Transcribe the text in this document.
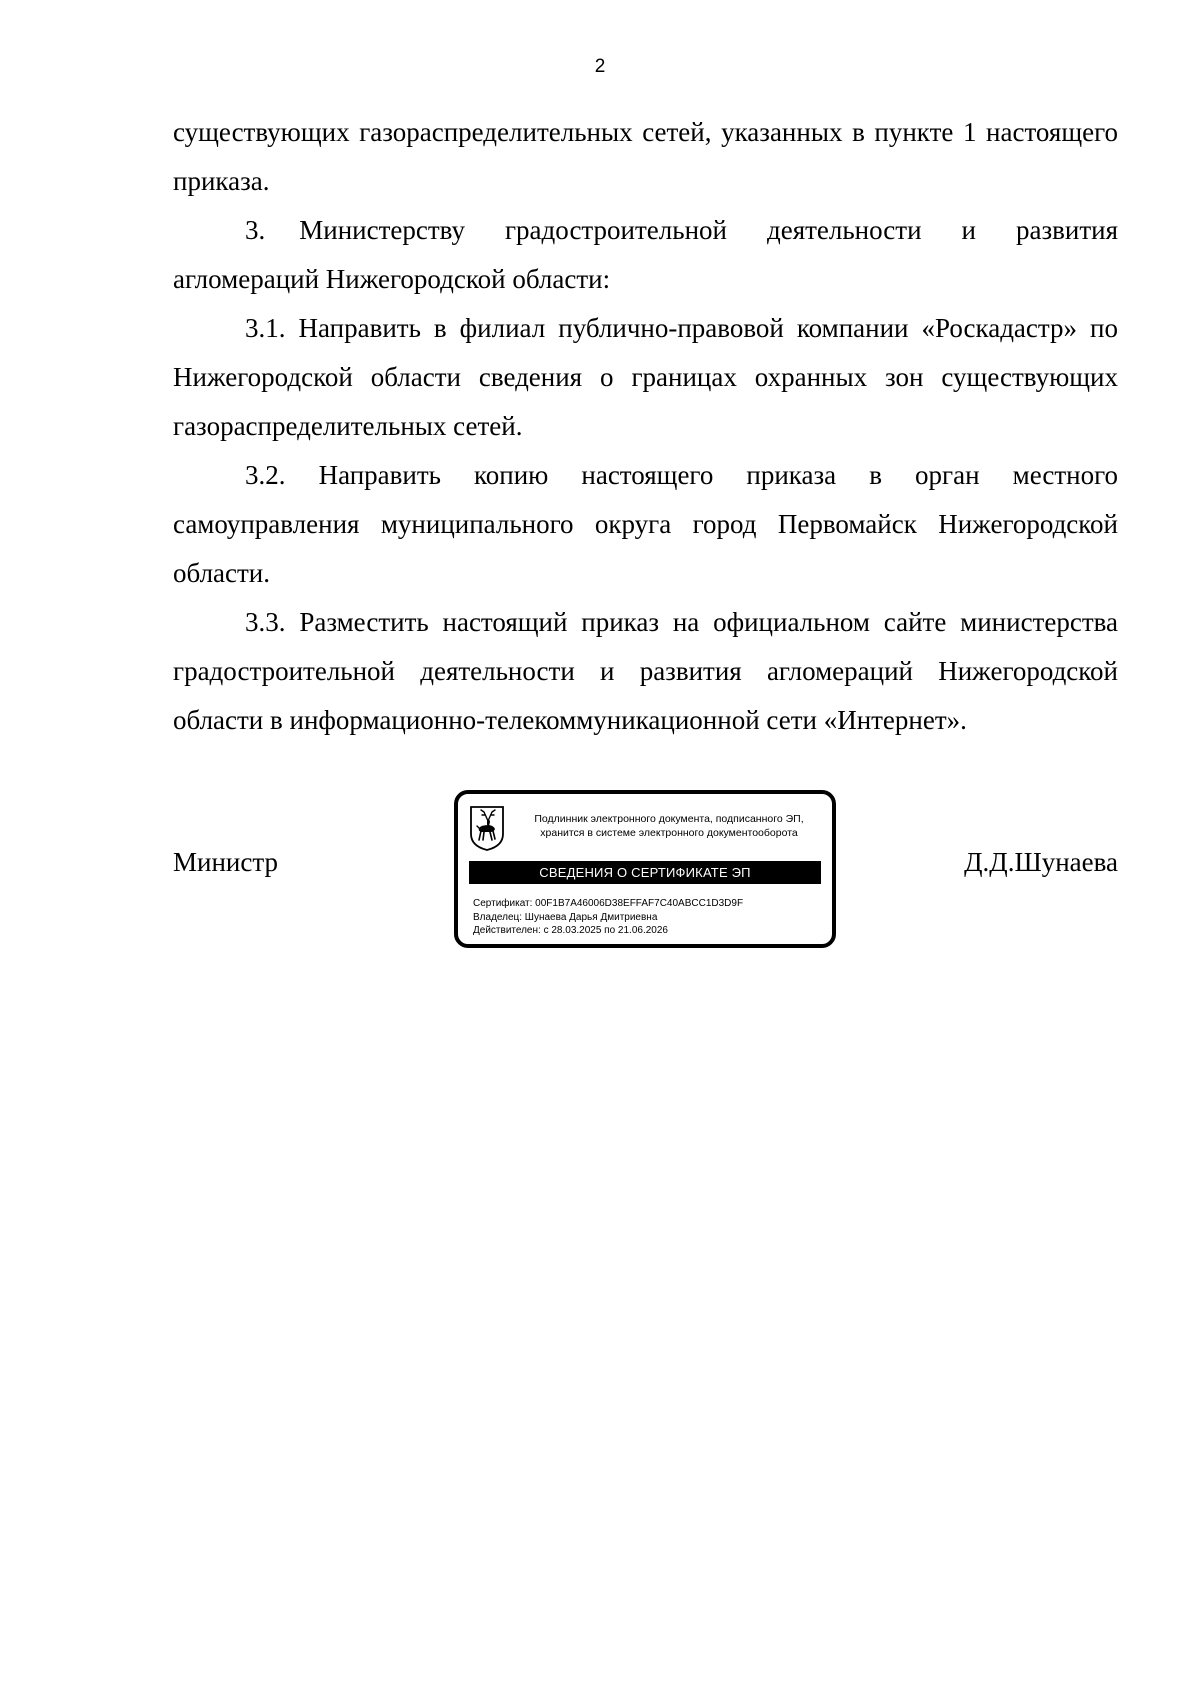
2

существующих газораспределительных сетей, указанных в пункте 1 настоящего приказа.

3. Министерству градостроительной деятельности и развития агломераций Нижегородской области:

3.1. Направить в филиал публично-правовой компании «Роскадастр» по Нижегородской области сведения о границах охранных зон существующих газораспределительных сетей.

3.2. Направить копию настоящего приказа в орган местного самоуправления муниципального округа город Первомайск Нижегородской области.

3.3. Разместить настоящий приказ на официальном сайте министерства градостроительной деятельности и развития агломераций Нижегородской области в информационно-телекоммуникационной сети «Интернет».

Министр
Подлинник электронного документа, подписанного ЭП,
хранится в системе электронного документооборота
СВЕДЕНИЯ О СЕРТИФИКАТЕ ЭП
Сертификат: 00F1B7A46006D38EFFAF7C40ABCC1D3D9F
Владелец: Шунаева Дарья Дмитриевна
Действителен: с 28.03.2025 по 21.06.2026
Д.Д.Шунаева
